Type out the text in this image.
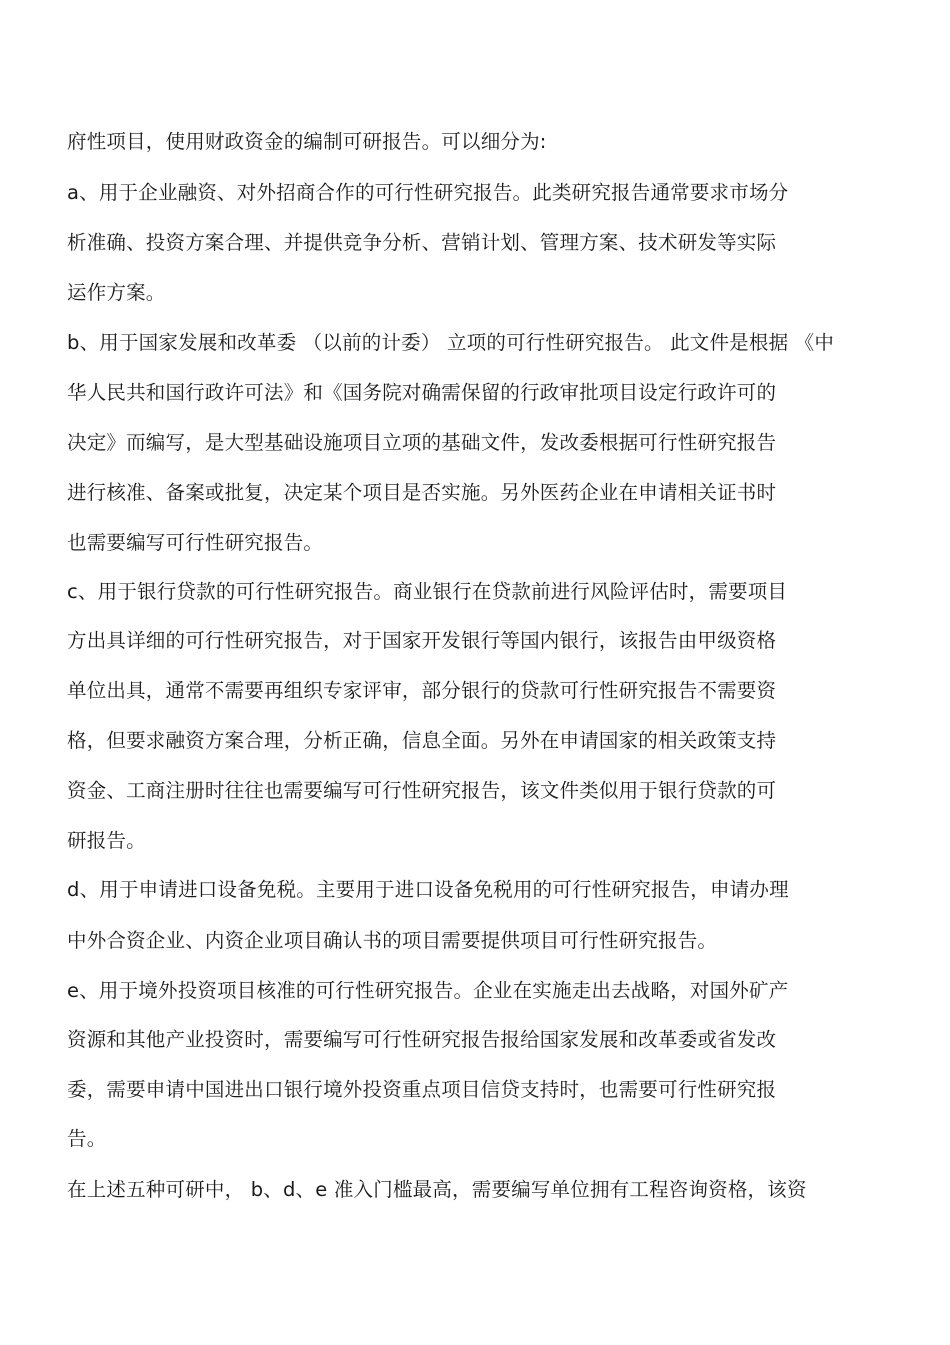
府性项目，使用财政资金的编制可研报告。可以细分为:
a、用于企业融资、对外招商合作的可行性研究报告。此类研究报告通常要求市场分
析准确、投资方案合理、并提供竞争分析、营销计划、管理方案、技术研发等实际
运作方案。
b、用于国家发展和改革委 （以前的计委） 立项的可行性研究报告。 此文件是根据 《中
华人民共和国行政许可法》和《国务院对确需保留的行政审批项目设定行政许可的
决定》而编写，是大型基础设施项目立项的基础文件，发改委根据可行性研究报告
进行核准、备案或批复，决定某个项目是否实施。另外医药企业在申请相关证书时
也需要编写可行性研究报告。
c、用于银行贷款的可行性研究报告。商业银行在贷款前进行风险评估时，需要项目
方出具详细的可行性研究报告，对于国家开发银行等国内银行，该报告由甲级资格
单位出具，通常不需要再组织专家评审，部分银行的贷款可行性研究报告不需要资
格，但要求融资方案合理，分析正确，信息全面。另外在申请国家的相关政策支持
资金、工商注册时往往也需要编写可行性研究报告，该文件类似用于银行贷款的可
研报告。
d、用于申请进口设备免税。主要用于进口设备免税用的可行性研究报告，申请办理
中外合资企业、内资企业项目确认书的项目需要提供项目可行性研究报告。
e、用于境外投资项目核准的可行性研究报告。企业在实施走出去战略，对国外矿产
资源和其他产业投资时，需要编写可行性研究报告报给国家发展和改革委或省发改
委，需要申请中国进出口银行境外投资重点项目信贷支持时，也需要可行性研究报
告。
在上述五种可研中， b、d、e 准入门槛最高，需要编写单位拥有工程咨询资格，该资
